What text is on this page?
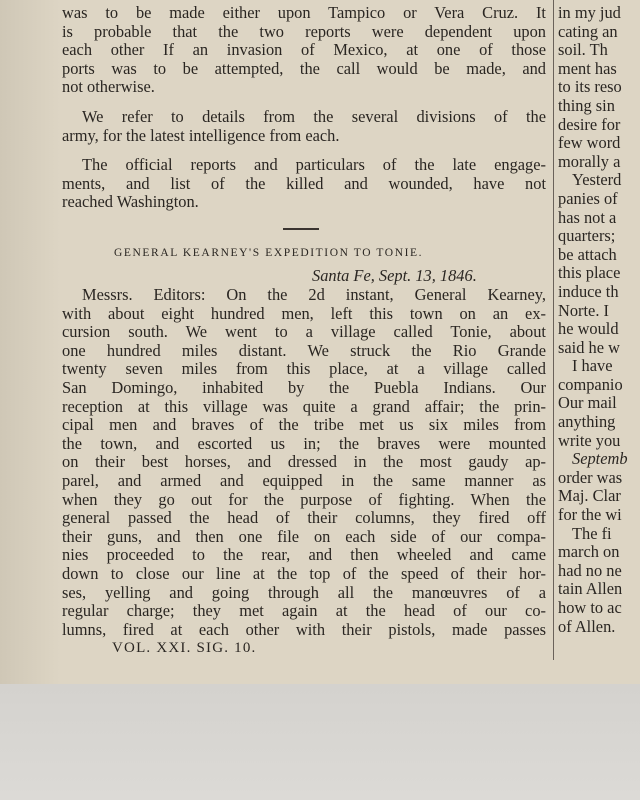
was to be made either upon Tampico or Vera Cruz. It
is probable that the two reports were dependent upon
each other If an invasion of Mexico, at one of those
ports was to be attempted, the call would be made, and
not otherwise.
We refer to details from the several divisions of the
army, for the latest intelligence from each.
The official reports and particulars of the late engage-
ments, and list of the killed and wounded, have not
reached Washington.
Messrs. Editors: On the 2d instant, General Kearney,
with about eight hundred men, left this town on an ex-
cursion south. We went to a village called Tonie, about
one hundred miles distant. We struck the Rio Grande
twenty seven miles from this place, at a village called
San Domingo, inhabited by the Puebla Indians. Our
reception at this village was quite a grand affair; the prin-
cipal men and braves of the tribe met us six miles from
the town, and escorted us in; the braves were mounted
on their best horses, and dressed in the most gaudy ap-
parel, and armed and equipped in the same manner as
when they go out for the purpose of fighting. When the
general passed the head of their columns, they fired off
their guns, and then one file on each side of our compa-
nies proceeded to the rear, and then wheeled and came
down to close our line at the top of the speed of their hor-
ses, yelling and going through all the manœuvres of a
regular charge; they met again at the head of our co-
lumns, fired at each other with their pistols, made passes
GENERAL KEARNEY'S EXPEDITION TO TONIE.
Santa Fe, Sept. 13, 1846.
VOL. XXI. SIG. 10.
in my jud
cating an
soil. Th
ment has
to its reso
thing sin
desire for
few word
morally a
Yesterd
panies of
has not a
quarters;
be attach
this place
induce th
Norte. I
he would
said he w
I have
companio
Our mail
anything
write you
Septemb
order was
Maj. Clar
for the wi
The fi
march on
had no ne
tain Allen
how to ac
of Allen.
